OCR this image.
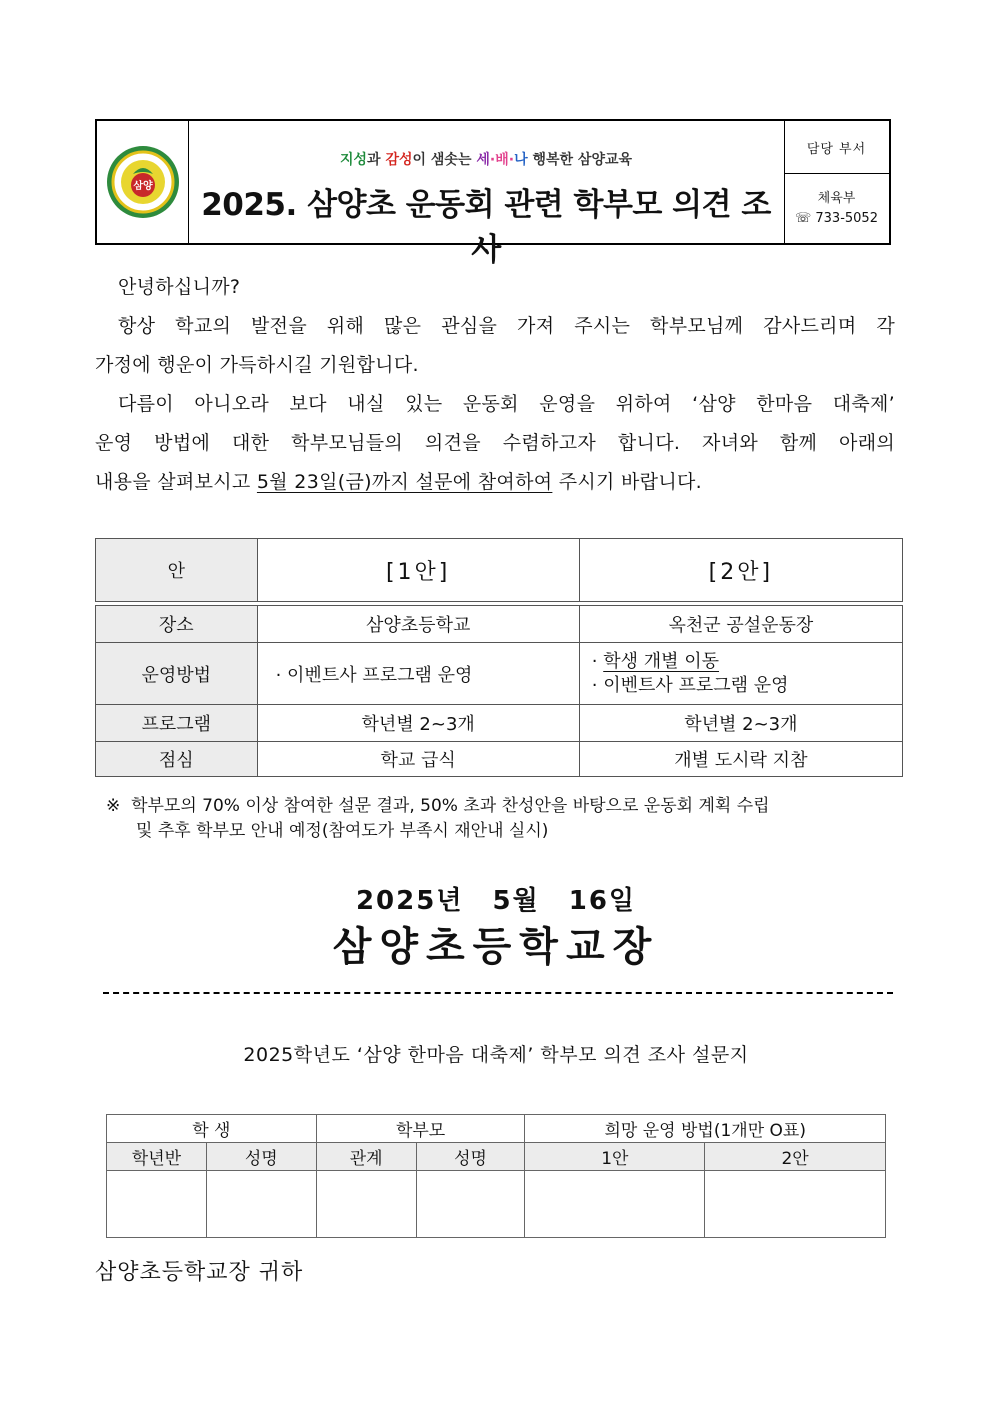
삼양
지성과 감성이 샘솟는 세·배·나 행복한 삼양교육
2025. 삼양초 운동회 관련 학부모 의견 조사
담당 부서
체육부
☏ 733-5052
안녕하십니까?
항상 학교의 발전을 위해 많은 관심을 가져 주시는 학부모님께 감사드리며 각
가정에 행운이 가득하시길 기원합니다.
다름이 아니오라 보다 내실 있는 운동회 운영을 위하여 ‘삼양 한마음 대축제’
운영 방법에 대한 학부모님들의 의견을 수렴하고자 합니다. 자녀와 함께 아래의
내용을 살펴보시고 5월 23일(금)까지 설문에 참여하여 주시기 바랍니다.
안	[1안]	[2안]

장소	삼양초등학교	옥천군 공설운동장
운영방법	· 이벤트사 프로그램 운영	· 학생 개별 이동
· 이벤트사 프로그램 운영

프로그램	학년별 2~3개	학년별 2~3개
점심	학교 급식	개별 도시락 지참
※ 학부모의 70% 이상 참여한 설문 결과, 50% 초과 찬성안을 바탕으로 운동회 계획 수립
및 추후 학부모 안내 예정(참여도가 부족시 재안내 실시)
2025년 5월 16일
삼양초등학교장
2025학년도 ‘삼양 한마음 대축제’ 학부모 의견 조사 설문지
학 생		학부모		희망 운영 방법(1개만 O표)	
학년반	성명	관계	성명	1안	2안

삼양초등학교장 귀하
